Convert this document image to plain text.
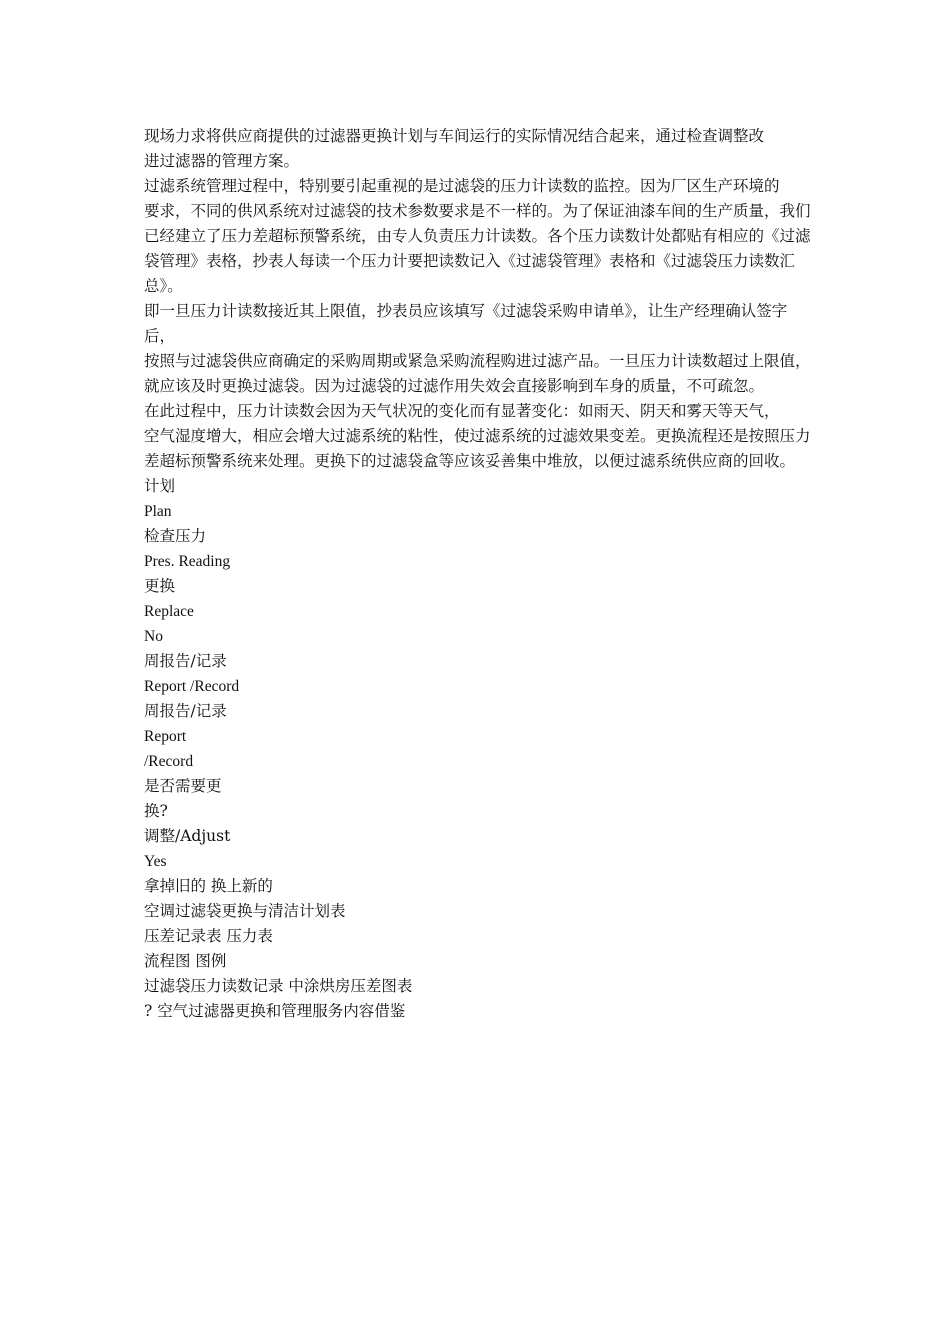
现场力求将供应商提供的过滤器更换计划与车间运行的实际情况结合起来，通过检查调整改
进过滤器的管理方案。
过滤系统管理过程中，特别要引起重视的是过滤袋的压力计读数的监控。因为厂区生产环境的
要求，不同的供风系统对过滤袋的技术参数要求是不一样的。为了保证油漆车间的生产质量，我们
已经建立了压力差超标预警系统，由专人负责压力计读数。各个压力读数计处都贴有相应的《过滤
袋管理》表格，抄表人每读一个压力计要把读数记入《过滤袋管理》表格和《过滤袋压力读数汇总》。
即一旦压力计读数接近其上限值，抄表员应该填写《过滤袋采购申请单》，让生产经理确认签字后，
按照与过滤袋供应商确定的采购周期或紧急采购流程购进过滤产品。一旦压力计读数超过上限值，
就应该及时更换过滤袋。因为过滤袋的过滤作用失效会直接影响到车身的质量，不可疏忽。
在此过程中，压力计读数会因为天气状况的变化而有显著变化：如雨天、阴天和雾天等天气，
空气湿度增大，相应会增大过滤系统的粘性，使过滤系统的过滤效果变差。更换流程还是按照压力
差超标预警系统来处理。更换下的过滤袋盒等应该妥善集中堆放，以便过滤系统供应商的回收。
计划
Plan
检查压力
Pres. Reading
更换
Replace
No
周报告/记录
Report /Record
周报告/记录
Report
/Record
是否需要更
换?
调整/Adjust
Yes
拿掉旧的 换上新的
空调过滤袋更换与清洁计划表
压差记录表 压力表
流程图 图例
过滤袋压力读数记录 中涂烘房压差图表
? 空气过滤器更换和管理服务内容借鉴
